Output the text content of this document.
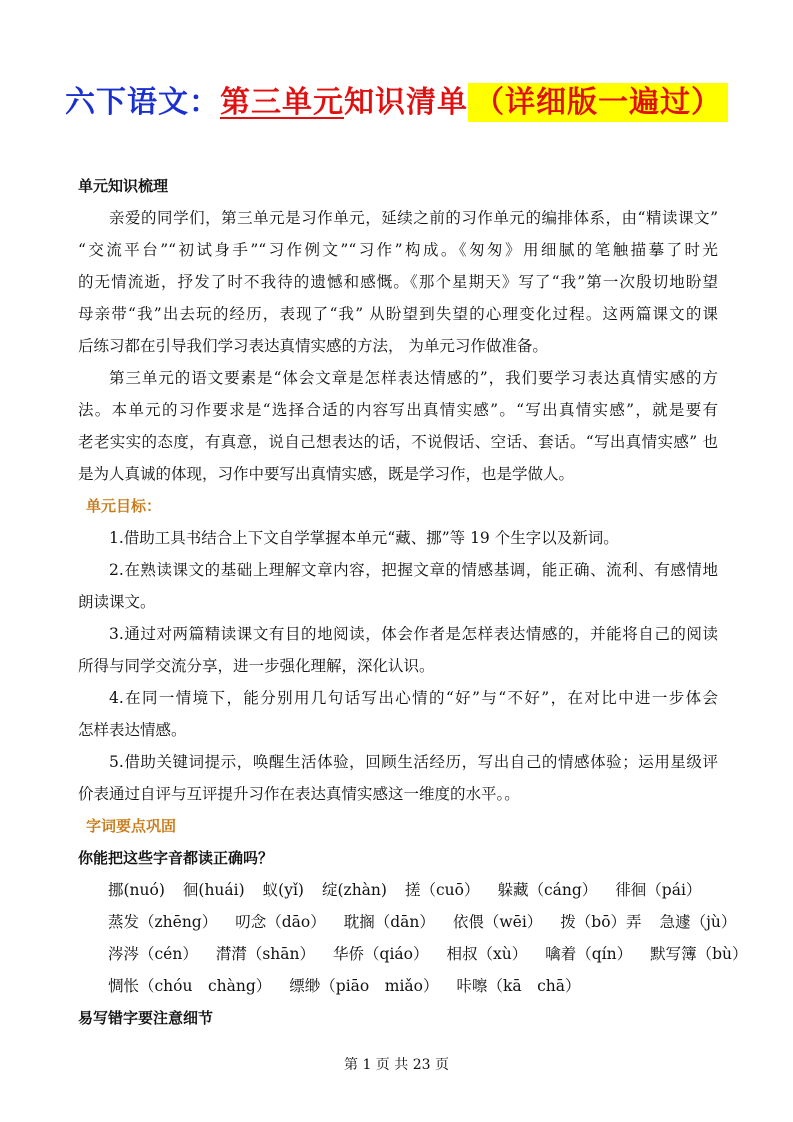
六下语文：第三单元知识清单 （详细版一遍过）
单元知识梳理
亲爱的同学们，第三单元是习作单元，延续之前的习作单元的编排体系，由“精读课文”
“交流平台”“初试身手”“习作例文”“习作”构成。《匆匆》用细腻的笔触描摹了时光
的无情流逝，抒发了时不我待的遗憾和感慨。《那个星期天》写了“我”第一次殷切地盼望
母亲带“我”出去玩的经历，表现了“我” 从盼望到失望的心理变化过程。这两篇课文的课
后练习都在引导我们学习表达真情实感的方法， 为单元习作做准备。
第三单元的语文要素是“体会文章是怎样表达情感的”，我们要学习表达真情实感的方
法。本单元的习作要求是“选择合适的内容写出真情实感”。“写出真情实感”，就是要有
老老实实的态度，有真意，说自己想表达的话，不说假话、空话、套话。“写出真情实感” 也
是为人真诚的体现，习作中要写出真情实感，既是学习作，也是学做人。
单元目标：
1.借助工具书结合上下文自学掌握本单元“藏、挪”等 19 个生字以及新词。
2.在熟读课文的基础上理解文章内容，把握文章的情感基调，能正确、流利、有感情地
朗读课文。
3.通过对两篇精读课文有目的地阅读，体会作者是怎样表达情感的，并能将自己的阅读
所得与同学交流分享，进一步强化理解，深化认识。
4.在同一情境下，能分别用几句话写出心情的“好”与“不好”，在对比中进一步体会
怎样表达情感。
5.借助关键词提示，唤醒生活体验，回顾生活经历，写出自己的情感体验；运用星级评
价表通过自评与互评提升习作在表达真情实感这一维度的水平。。
字词要点巩固
你能把这些字音都读正确吗？
挪(nuó) 徊(huái) 蚁(yǐ) 绽(zhàn) 搓（cuō） 躲藏（cáng） 徘徊（pái）
蒸发（zhēng） 叨念（dāo） 耽搁（dān） 依偎（wēi） 拨（bō）弄 急遽（jù）
涔涔（cén） 潸潸（shān） 华侨（qiáo） 相叔（xù） 噙着（qín） 默写簿（bù）
惆怅（chóu　chàng） 缥缈（piāo　miǎo） 咔嚓（kā　chā）
易写错字要注意细节
第 1 页 共 23 页
